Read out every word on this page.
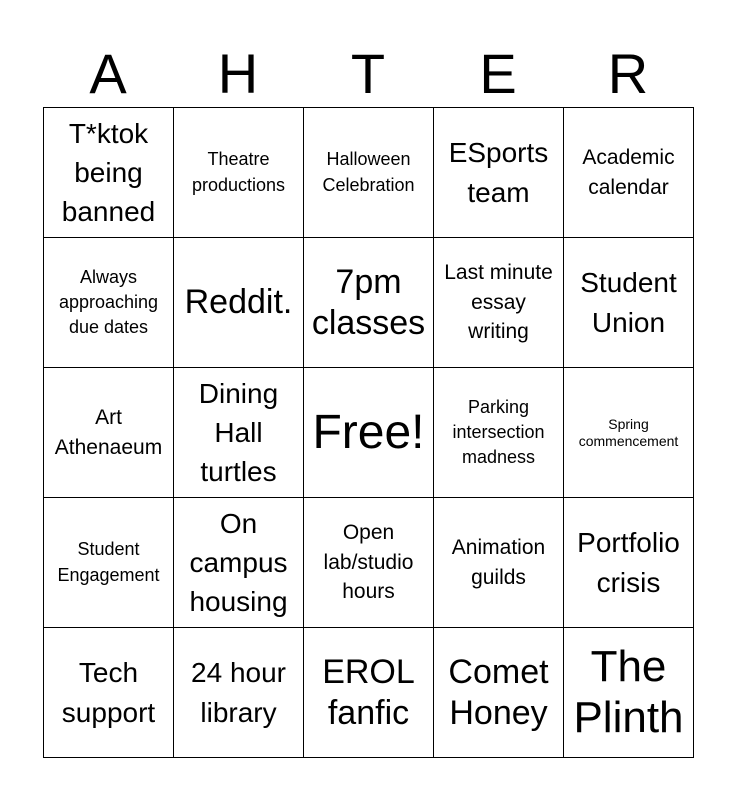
A	H	T	E	R
T*ktok being banned
Theatre productions
Halloween Celebration
ESports team
Academic calendar
Always approaching due dates
Reddit.
7pm classes
Last minute essay writing
Student Union
Art Athenaeum
Dining Hall turtles
Free!	Parking intersection madness
Spring commencement
Student Engagement
On campus housing
Open lab/studio hours
Animation guilds
Portfolio crisis
Tech support
24 hour library
EROL fanfic
Comet Honey
The Plinth
